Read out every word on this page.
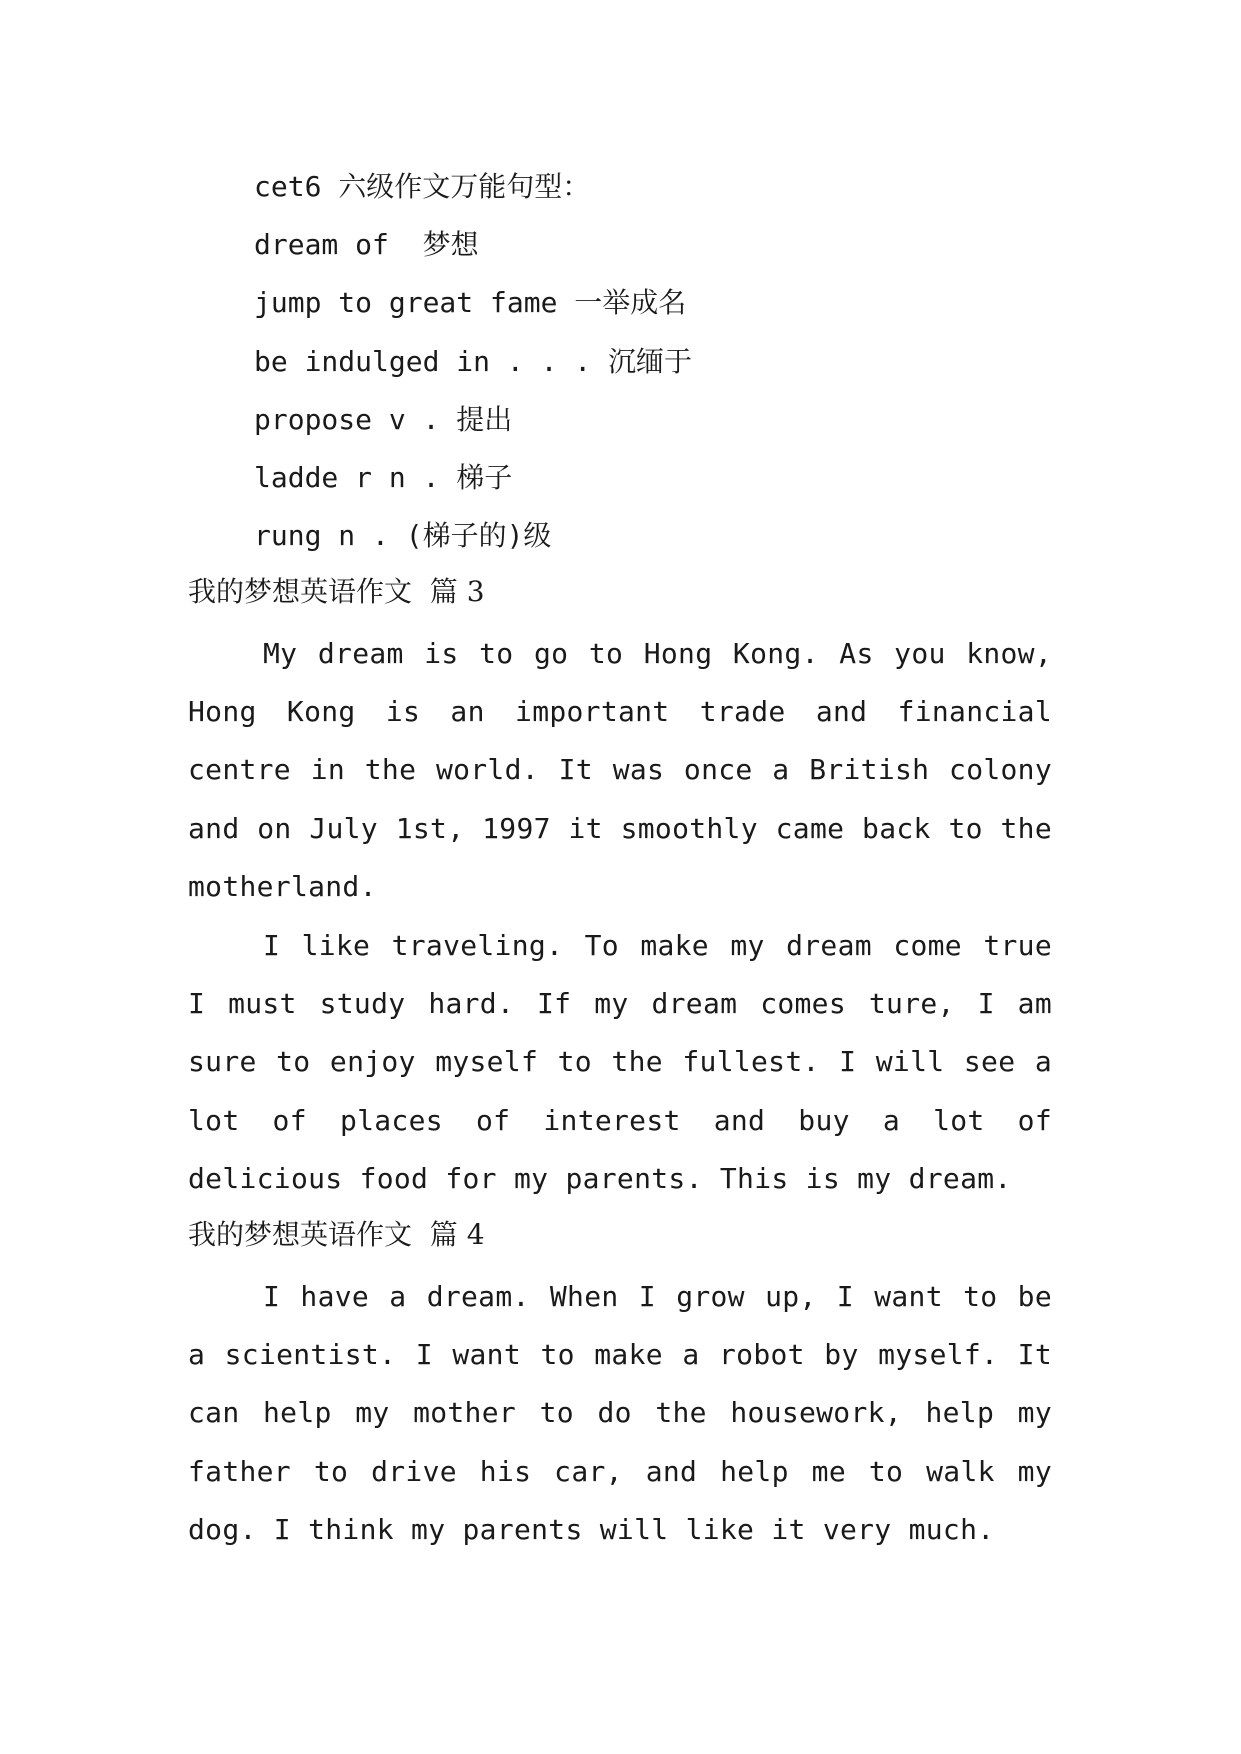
cet6 六级作文万能句型：
dream of  梦想
jump to great fame 一举成名
be indulged in . . . 沉缅于
propose v . 提出
ladde r n . 梯子
rung n . (梯子的)级
我的梦想英语作文  篇 3

My dream is to go to Hong Kong. As you know, Hong Kong is an important trade and financial centre in the world. It was once a British colony and on July 1st, 1997 it smoothly came back to the motherland.

I like traveling. To make my dream come true I must study hard. If my dream comes ture, I am sure to enjoy myself to the fullest. I will see a lot of places of interest and buy a lot of delicious food for my parents. This is my dream.

我的梦想英语作文  篇 4

I have a dream. When I grow up, I want to be a scientist. I want to make a robot by myself. It can help my mother to do the housework, help my father to drive his car, and help me to walk my dog. I think my parents will like it very much.
